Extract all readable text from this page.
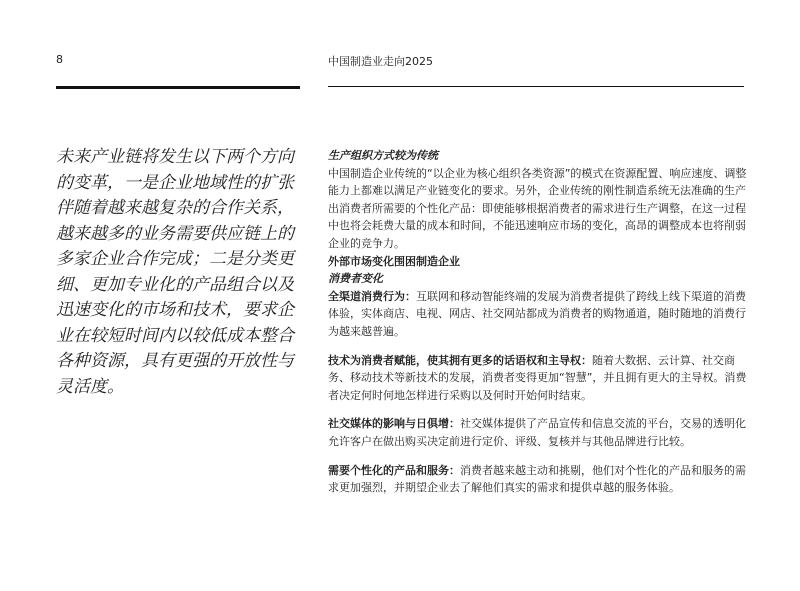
8	中国制造业走向2025

未来产业链将发生以下两个方向的变革，一是企业地域性的扩张伴随着越来越复杂的合作关系，越来越多的业务需要供应链上的多家企业合作完成；二是分类更细、更加专业化的产品组合以及迅速变化的市场和技术，要求企业在较短时间内以较低成本整合各种资源，具有更强的开放性与灵活度。

生产组织方式较为传统

中国制造企业传统的“以企业为核心组织各类资源”的模式在资源配置、响应速度、调整能力上都难以满足产业链变化的要求。另外，企业传统的刚性制造系统无法准确的生产出消费者所需要的个性化产品：即使能够根据消费者的需求进行生产调整，在这一过程中也将会耗费大量的成本和时间，不能迅速响应市场的变化，高昂的调整成本也将削弱企业的竞争力。

外部市场变化围困制造企业

消费者变化

全渠道消费行为：互联网和移动智能终端的发展为消费者提供了跨线上线下渠道的消费体验，实体商店、电视、网店、社交网站都成为消费者的购物通道，随时随地的消费行为越来越普遍。

技术为消费者赋能，使其拥有更多的话语权和主导权：随着大数据、云计算、社交商务、移动技术等新技术的发展，消费者变得更加“智慧”，并且拥有更大的主导权。消费者决定何时何地怎样进行采购以及何时开始何时结束。

社交媒体的影响与日俱增：社交媒体提供了产品宣传和信息交流的平台，交易的透明化允许客户在做出购买决定前进行定价、评级、复核并与其他品牌进行比较。

需要个性化的产品和服务：消费者越来越主动和挑剔，他们对个性化的产品和服务的需求更加强烈，并期望企业去了解他们真实的需求和提供卓越的服务体验。
